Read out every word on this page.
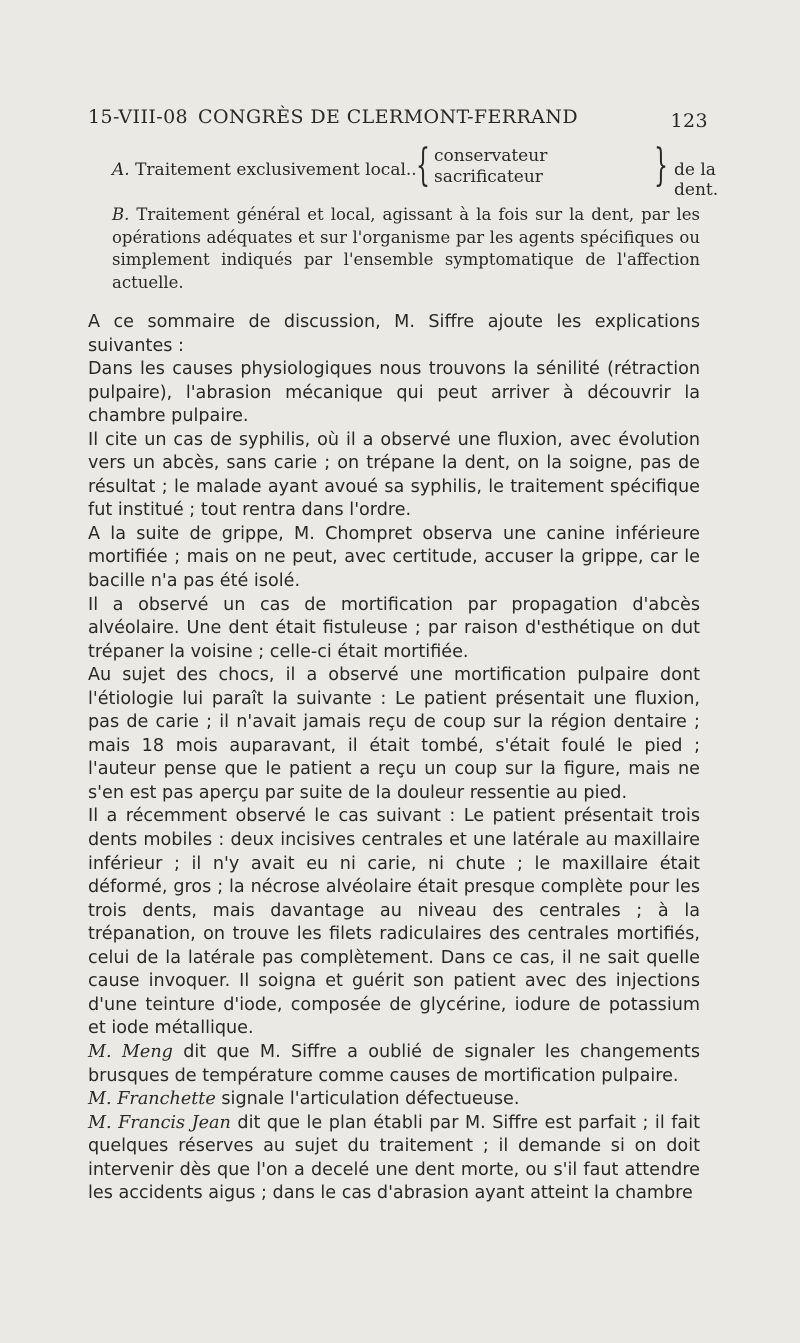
15-VIII-08 CONGRÈS DE CLERMONT-FERRAND	123
A. Traitement exclusivement local.. { conservateur
sacrificateur	} de la dent.

B. Traitement général et local, agissant à la fois sur la dent, par les opérations adéquates et sur l'organisme par les agents spécifiques ou simplement indiqués par l'ensemble symptomatique de l'affection actuelle.

A ce sommaire de discussion, M. Siffre ajoute les explications suivantes :

Dans les causes physiologiques nous trouvons la sénilité (rétraction pulpaire), l'abrasion mécanique qui peut arriver à découvrir la chambre pulpaire.

Il cite un cas de syphilis, où il a observé une fluxion, avec évolution vers un abcès, sans carie ; on trépane la dent, on la soigne, pas de résultat ; le malade ayant avoué sa syphilis, le traitement spécifique fut institué ; tout rentra dans l'ordre.

A la suite de grippe, M. Chompret observa une canine inférieure mortifiée ; mais on ne peut, avec certitude, accuser la grippe, car le bacille n'a pas été isolé.

Il a observé un cas de mortification par propagation d'abcès alvéolaire. Une dent était fistuleuse ; par raison d'esthétique on dut trépaner la voisine ; celle-ci était mortifiée.

Au sujet des chocs, il a observé une mortification pulpaire dont l'étiologie lui paraît la suivante : Le patient présentait une fluxion, pas de carie ; il n'avait jamais reçu de coup sur la région dentaire ; mais 18 mois auparavant, il était tombé, s'était foulé le pied ; l'auteur pense que le patient a reçu un coup sur la figure, mais ne s'en est pas aperçu par suite de la douleur ressentie au pied.

Il a récemment observé le cas suivant : Le patient présentait trois dents mobiles : deux incisives centrales et une latérale au maxillaire inférieur ; il n'y avait eu ni carie, ni chute ; le maxillaire était déformé, gros ; la nécrose alvéolaire était presque complète pour les trois dents, mais davantage au niveau des centrales ; à la trépanation, on trouve les filets radiculaires des centrales mortifiés, celui de la latérale pas complètement. Dans ce cas, il ne sait quelle cause invoquer. Il soigna et guérit son patient avec des injections d'une teinture d'iode, composée de glycérine, iodure de potassium et iode métallique.

M. Meng dit que M. Siffre a oublié de signaler les changements brusques de température comme causes de mortification pulpaire.

M. Franchette signale l'articulation défectueuse.

M. Francis Jean dit que le plan établi par M. Siffre est parfait ; il fait quelques réserves au sujet du traitement ; il demande si on doit intervenir dès que l'on a decelé une dent morte, ou s'il faut attendre les accidents aigus ; dans le cas d'abrasion ayant atteint la chambre
